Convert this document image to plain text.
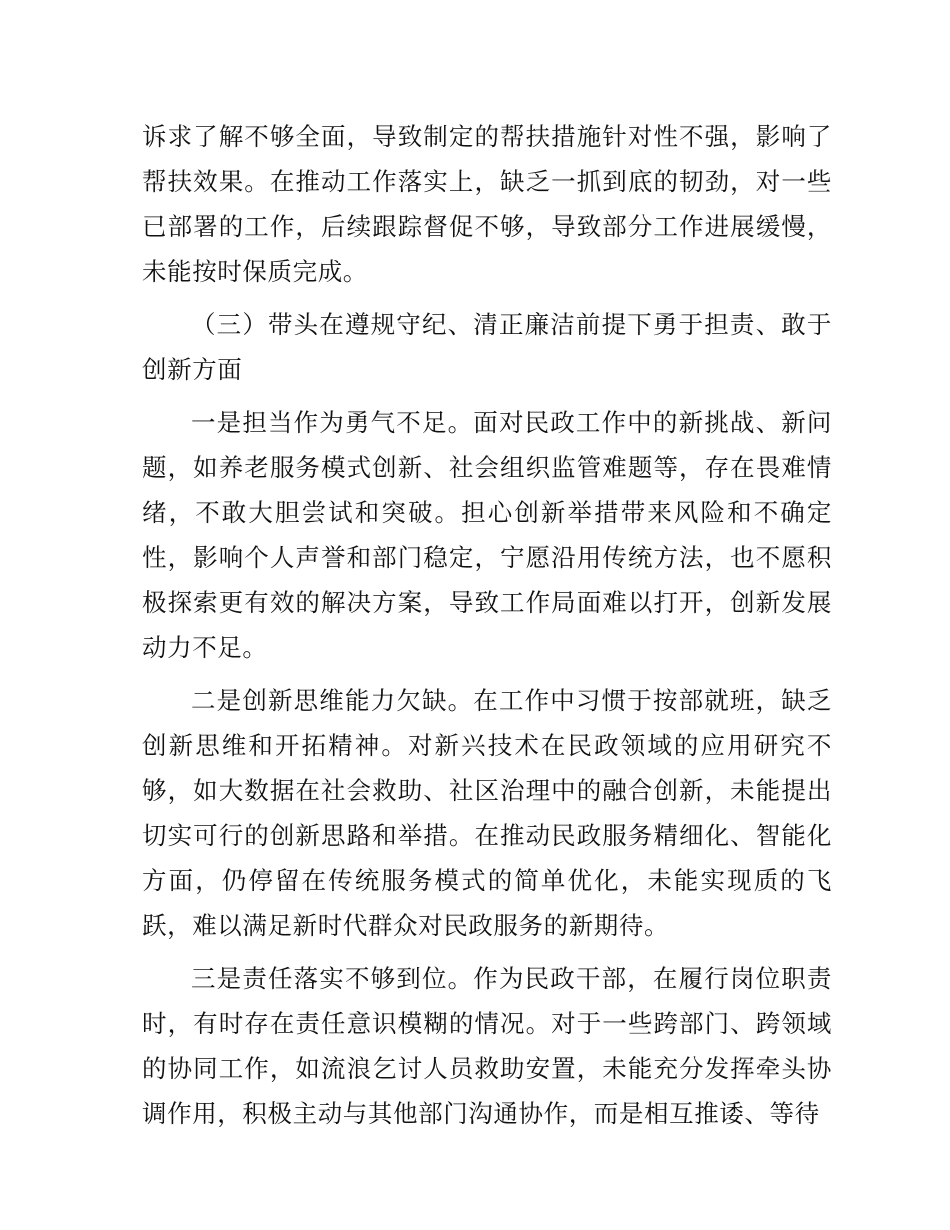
诉求了解不够全面，导致制定的帮扶措施针对性不强，影响了帮扶效果。在推动工作落实上，缺乏一抓到底的韧劲，对一些已部署的工作，后续跟踪督促不够，导致部分工作进展缓慢，未能按时保质完成。

（三）带头在遵规守纪、清正廉洁前提下勇于担责、敢于创新方面

一是担当作为勇气不足。面对民政工作中的新挑战、新问题，如养老服务模式创新、社会组织监管难题等，存在畏难情绪，不敢大胆尝试和突破。担心创新举措带来风险和不确定性，影响个人声誉和部门稳定，宁愿沿用传统方法，也不愿积极探索更有效的解决方案，导致工作局面难以打开，创新发展动力不足。

二是创新思维能力欠缺。在工作中习惯于按部就班，缺乏创新思维和开拓精神。对新兴技术在民政领域的应用研究不够，如大数据在社会救助、社区治理中的融合创新，未能提出切实可行的创新思路和举措。在推动民政服务精细化、智能化方面，仍停留在传统服务模式的简单优化，未能实现质的飞跃，难以满足新时代群众对民政服务的新期待。

三是责任落实不够到位。作为民政干部，在履行岗位职责时，有时存在责任意识模糊的情况。对于一些跨部门、跨领域的协同工作，如流浪乞讨人员救助安置，未能充分发挥牵头协调作用，积极主动与其他部门沟通协作，而是相互推诿、等待
